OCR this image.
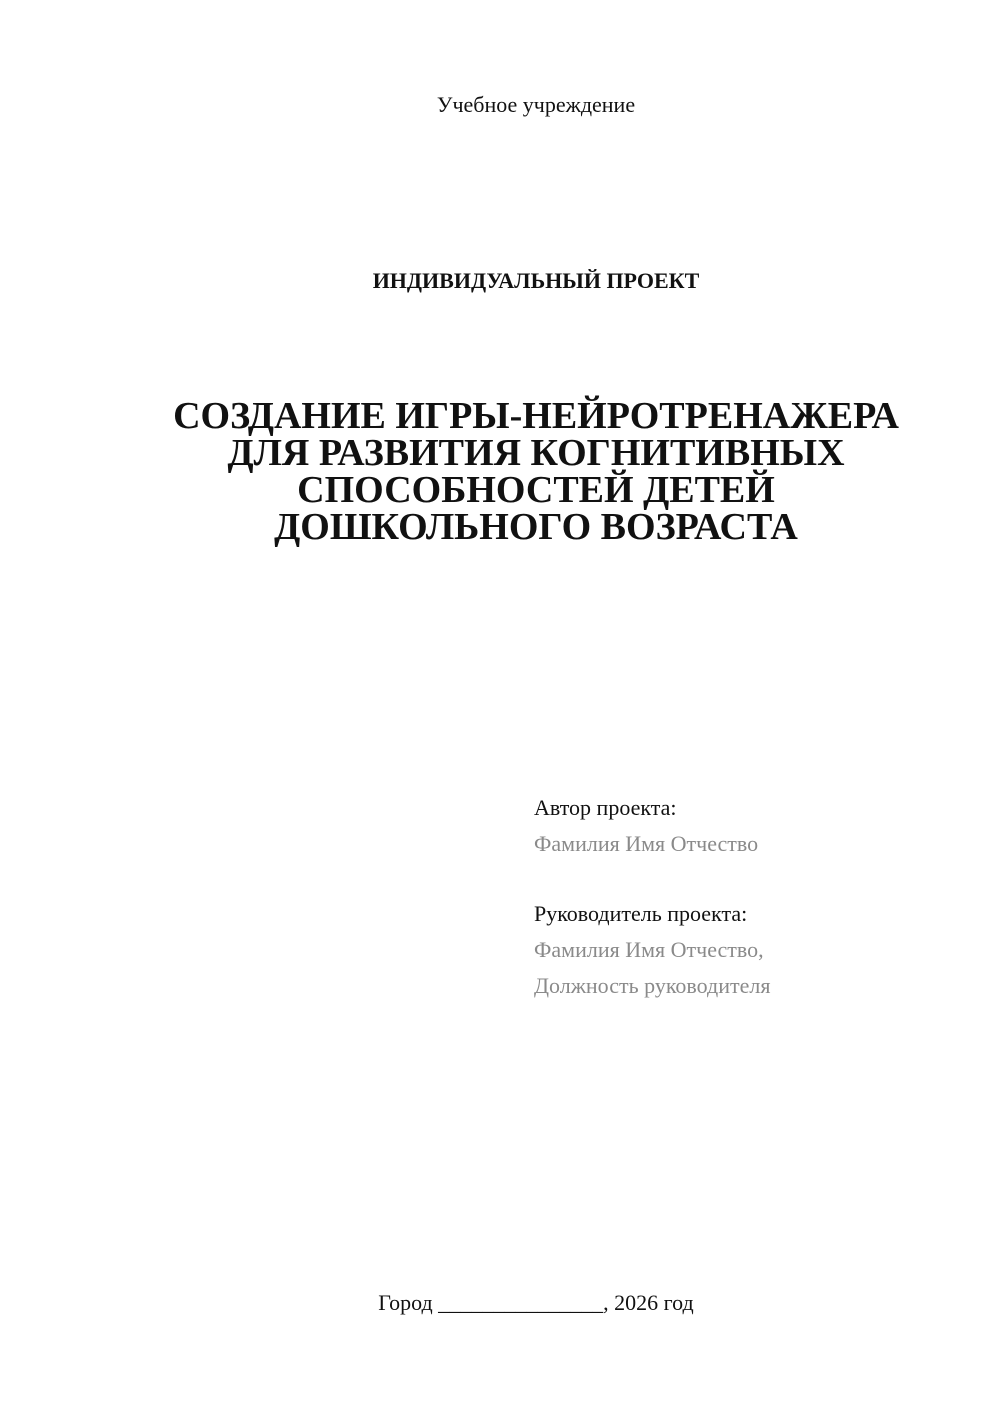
Учебное учреждение
ИНДИВИДУАЛЬНЫЙ ПРОЕКТ
СОЗДАНИЕ ИГРЫ-НЕЙРОТРЕНАЖЕРА
ДЛЯ РАЗВИТИЯ КОГНИТИВНЫХ
СПОСОБНОСТЕЙ ДЕТЕЙ
ДОШКОЛЬНОГО ВОЗРАСТА
Автор проекта:
Фамилия Имя Отчество
Руководитель проекта:
Фамилия Имя Отчество,
Должность руководителя
Город _______________, 2026 год
